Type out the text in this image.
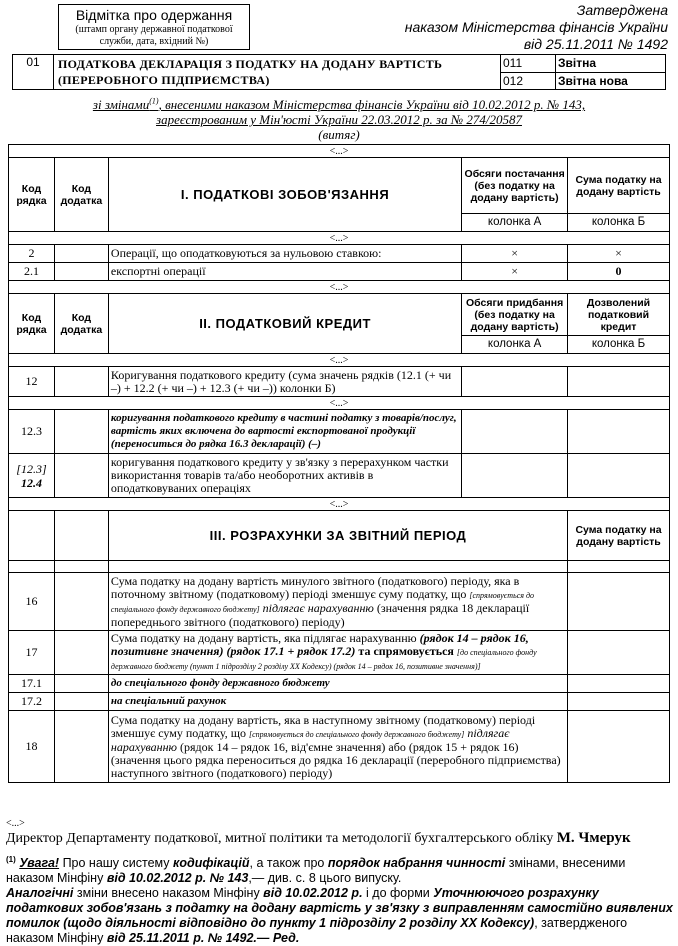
Відмітка про одержання
(штамп органу державної податкової служби, дата, вхідний №)
Затверджена
наказом Міністерства фінансів України
від 25.11.2011 № 1492
01	ПОДАТКОВА ДЕКЛАРАЦІЯ З ПОДАТКУ НА ДОДАНУ ВАРТІСТЬ (ПЕРЕРОБНОГО ПІДПРИЄМСТВА)	011	Звітна
		012	Звітна нова
зі змінами$^{(1)}$, внесеними наказом Міністерства фінансів України від 10.02.2012 р. № 143,
зареєстрованим у Мін'юсті України 22.03.2012 р. за № 274/20587
(витяг)
<...>				
Код рядка	Код додатка	І. ПОДАТКОВІ ЗОБОВ'ЯЗАННЯ	Обсяги постачання (без податку на додану вартість)	Сума податку на додану вартість
			колонка А	колонка Б
<...>				
2		Операції, що оподатковуються за нульовою ставкою:	×	×
2.1		експортні операції	×	0
<...>				
Код рядка	Код додатка	ІІ. ПОДАТКОВИЙ КРЕДИТ	Обсяги придбання (без податку на додану вартість)	Дозволений податковий кредит
			колонка А	колонка Б
<...>				
12		Коригування податкового кредиту (сума значень рядків (12.1 (+ чи –) + 12.2 (+ чи –) + 12.3 (+ чи –)) колонки Б)		
<...>				
12.3		коригування податкового кредиту в частині податку з товарів/послуг, вартість яких включена до вартості експортованої продукції (переноситься до рядка 16.3 декларації) (–)		

[12.3]
12.4		коригування податкового кредиту у зв'язку з перерахунком частки використання товарів та/або необоротних активів в оподатковуваних операціях		
<...>				
		ІІІ. РОЗРАХУНКИ ЗА ЗВІТНИЙ ПЕРІОД		Сума податку на додану вартість

16		Сума податку на додану вартість минулого звітного (податкового) періоду, яка в поточному звітному (податковому) періоді зменшує суму податку, що [спрямовується до спеціального фонду державного бюджету] підлягає нарахуванню (значення рядка 18 декларації попереднього звітного (податкового) періоду)		
17		Сума податку на додану вартість, яка підлягає нарахуванню (рядок 14 – рядок 16, позитивне значення) (рядок 17.1 + рядок 17.2) та спрямовується [до спеціального фонду державного бюджету (пункт 1 підрозділу 2 розділу XX Кодексу) (рядок 14 – рядок 16, позитивне значення)]		
17.1		до спеціального фонду державного бюджету		
17.2		на спеціальний рахунок		
18		Сума податку на додану вартість, яка в наступному звітному (податковому) періоді зменшує суму податку, що [спрямовується до спеціального фонду державного бюджету] підлягає нарахуванню (рядок 14 – рядок 16, від'ємне значення) або (рядок 15 + рядок 16) (значення цього рядка переноситься до рядка 16 декларації (переробного підприємства) наступного звітного (податкового) періоду)		
<...>
Директор Департаменту податкової, митної політики та методології бухгалтерського обліку М. Чмерук
$^{(1)}$ Увага! Про нашу систему кодифікацій, а також про порядок набрання чинності змінами, внесеними наказом Мінфіну від 10.02.2012 р. № 143,— див. с. 8 цього випуску.
Аналогічні зміни внесено наказом Мінфіну від 10.02.2012 р. і до форми Уточнюючого розрахунку податкових зобов'язань з податку на додану вартість у зв'язку з виправленням самостійно виявлених помилок (щодо діяльності відповідно до пункту 1 підрозділу 2 розділу XX Кодексу), затвердженого наказом Мінфіну від 25.11.2011 р. № 1492.— Ред.
